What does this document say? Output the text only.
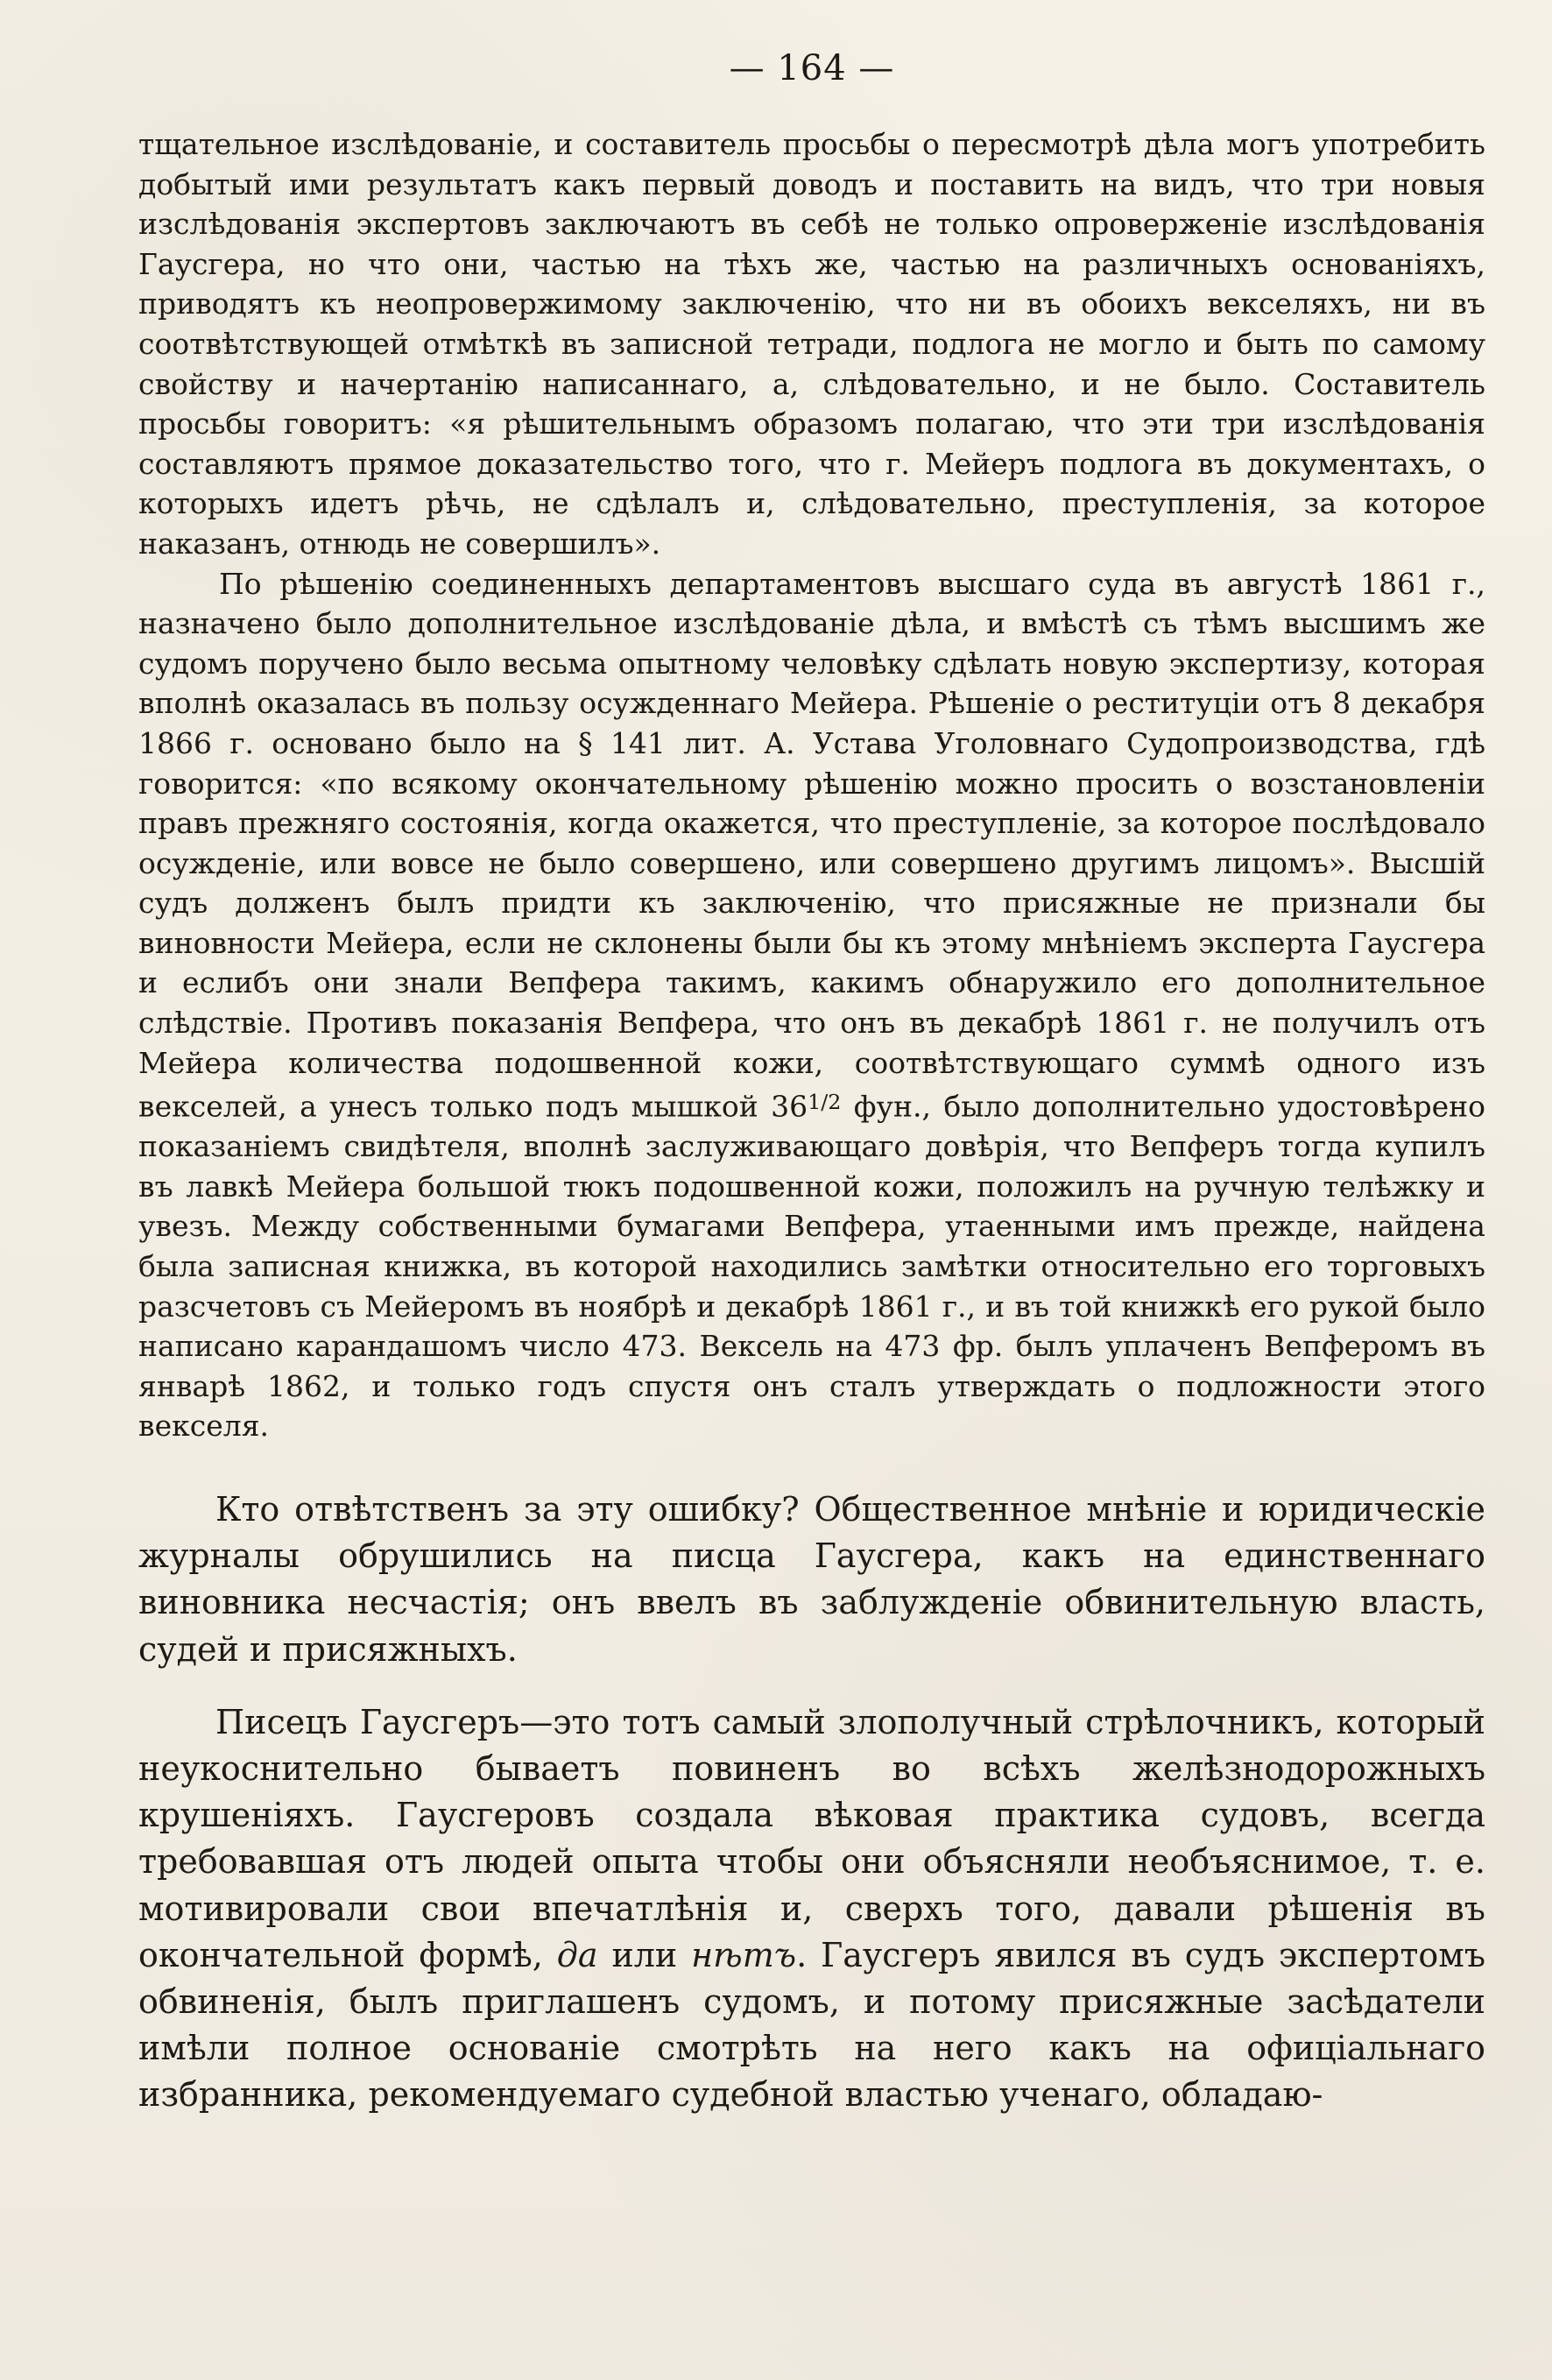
— 164 —

тщательное изслѣдованіе, и составитель просьбы о пересмотрѣ дѣла могъ употребить добытый ими результатъ какъ первый доводъ и поставить на видъ, что три новыя изслѣдованія экспертовъ заключаютъ въ себѣ не только опроверженіе изслѣдованія Гаусгера, но что они, частью на тѣхъ же, частью на различныхъ основаніяхъ, приводятъ къ неопровержимому заключенію, что ни въ обоихъ векселяхъ, ни въ соотвѣтствующей отмѣткѣ въ записной тетради, подлога не могло и быть по самому свойству и начертанію написаннаго, а, слѣдовательно, и не было. Составитель просьбы говоритъ: «я рѣшительнымъ образомъ полагаю, что эти три изслѣдованія составляютъ прямое доказательство того, что г. Мейеръ подлога въ документахъ, о которыхъ идетъ рѣчь, не сдѣлалъ и, слѣдовательно, преступленія, за которое наказанъ, отнюдь не совершилъ».

По рѣшенію соединенныхъ департаментовъ высшаго суда въ августѣ 1861 г., назначено было дополнительное изслѣдованіе дѣла, и вмѣстѣ съ тѣмъ высшимъ же судомъ поручено было весьма опытному человѣку сдѣлать новую экспертизу, которая вполнѣ оказалась въ пользу осужденнаго Мейера. Рѣшеніе о реституціи отъ 8 декабря 1866 г. основано было на § 141 лит. А. Устава Уголовнаго Судопроизводства, гдѣ говорится: «по всякому окончательному рѣшенію можно просить о возстановленіи правъ прежняго состоянія, когда окажется, что преступленіе, за которое послѣдовало осужденіе, или вовсе не было совершено, или совершено другимъ лицомъ». Высшій судъ долженъ былъ придти къ заключенію, что присяжные не признали бы виновности Мейера, если не склонены были бы къ этому мнѣніемъ эксперта Гаусгера и еслибъ они знали Вепфера такимъ, какимъ обнаружило его дополнительное слѣдствіе. Противъ показанія Вепфера, что онъ въ декабрѣ 1861 г. не получилъ отъ Мейера количества подошвенной кожи, соотвѣтствующаго суммѣ одного изъ векселей, а унесъ только подъ мышкой $36^{1/2}$ фун., было дополнительно удостовѣрено показаніемъ свидѣтеля, вполнѣ заслуживающаго довѣрія, что Вепферъ тогда купилъ въ лавкѣ Мейера большой тюкъ подошвенной кожи, положилъ на ручную телѣжку и увезъ. Между собственными бумагами Вепфера, утаенными имъ прежде, найдена была записная книжка, въ которой находились замѣтки относительно его торговыхъ разсчетовъ съ Мейеромъ въ ноябрѣ и декабрѣ 1861 г., и въ той книжкѣ его рукой было написано карандашомъ число 473. Вексель на 473 фр. былъ уплаченъ Вепферомъ въ январѣ 1862, и только годъ спустя онъ сталъ утверждать о подложности этого векселя.

Кто отвѣтственъ за эту ошибку? Общественное мнѣніе и юридическіе журналы обрушились на писца Гаусгера, какъ на единственнаго виновника несчастія; онъ ввелъ въ заблужденіе обвинительную власть, судей и присяжныхъ.

Писецъ Гаусгеръ—это тотъ самый злополучный стрѣлочникъ, который неукоснительно бываетъ повиненъ во всѣхъ желѣзнодорожныхъ крушеніяхъ. Гаусгеровъ создала вѣковая практика судовъ, всегда требовавшая отъ людей опыта чтобы они объясняли необъяснимое, т. е. мотивировали свои впечатлѣнія и, сверхъ того, давали рѣшенія въ окончательной формѣ, да или нѣтъ. Гаусгеръ явился въ судъ экспертомъ обвиненія, былъ приглашенъ судомъ, и потому присяжные засѣдатели имѣли полное основаніе смотрѣть на него какъ на офиціальнаго избранника, рекомендуемаго судебной властью ученаго, обладаю-
